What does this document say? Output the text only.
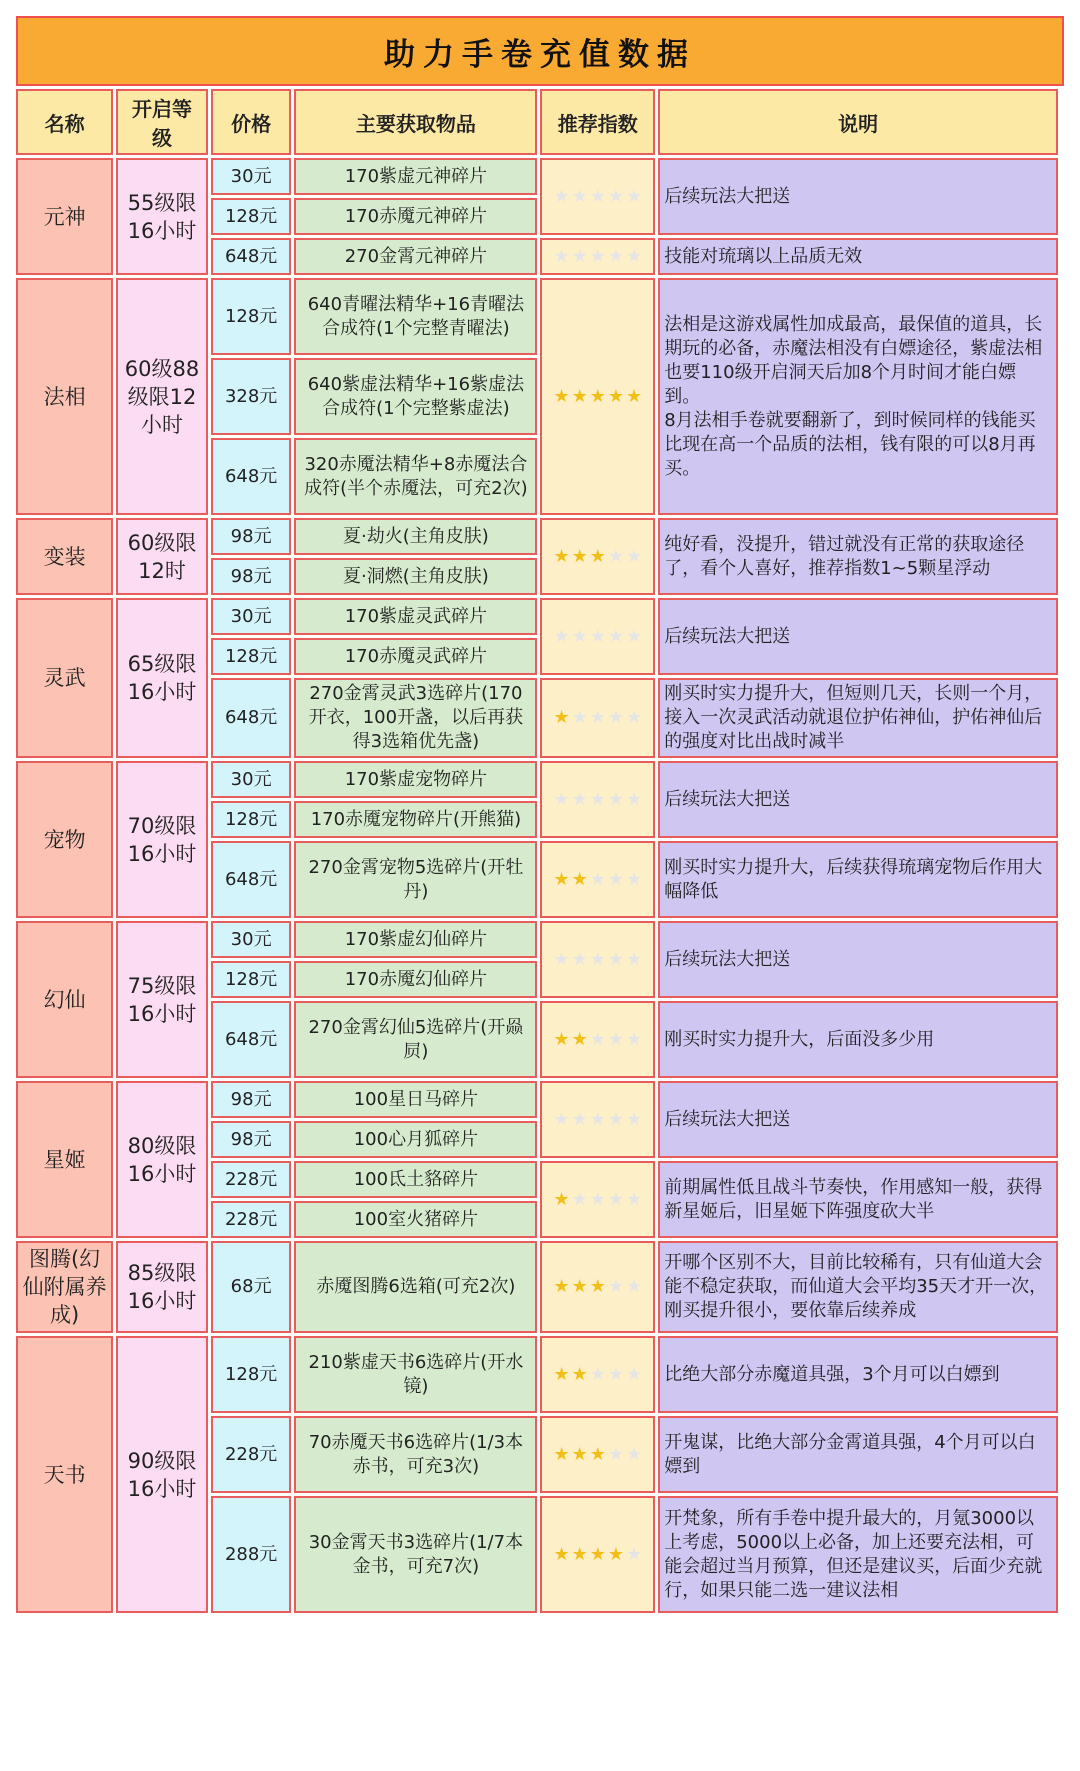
助力手卷充值数据
名称	开启等级	价格	主要获取物品	推荐指数	说明
元神	55级限16小时	30元	170紫虚元神碎片	★ ★ ★ ★ ★	后续玩法大把送
		128元	170赤魇元神碎片		
		648元	270金霄元神碎片	★ ★ ★ ★ ★	技能对琉璃以上品质无效
法相	60级88级限12小时	128元	640青曜法精华+16青曜法合成符(1个完整青曜法)	★ ★ ★ ★ ★	法相是这游戏属性加成最高，最保值的道具，长期玩的必备，赤魔法相没有白嫖途径，紫虚法相也要110级开启洞天后加8个月时间才能白嫖到。
8月法相手卷就要翻新了，到时候同样的钱能买比现在高一个品质的法相，钱有限的可以8月再买。
		328元	640紫虚法精华+16紫虚法合成符(1个完整紫虚法)		
		648元	320赤魇法精华+8赤魇法合成符(半个赤魇法，可充2次)		
变装	60级限12时	98元	夏·劫火(主角皮肤)	★ ★ ★ ★ ★	纯好看，没提升，错过就没有正常的获取途径了，看个人喜好，推荐指数1~5颗星浮动
		98元	夏·洞燃(主角皮肤)		
灵武	65级限16小时	30元	170紫虚灵武碎片	★ ★ ★ ★ ★	后续玩法大把送
		128元	170赤魇灵武碎片		
		648元	270金霄灵武3选碎片(170开衣，100开盏，以后再获得3选箱优先盏)	★ ★ ★ ★ ★	刚买时实力提升大，但短则几天，长则一个月，接入一次灵武活动就退位护佑神仙，护佑神仙后的强度对比出战时减半
宠物	70级限16小时	30元	170紫虚宠物碎片	★ ★ ★ ★ ★	后续玩法大把送
		128元	170赤魇宠物碎片(开熊猫)		
		648元	270金霄宠物5选碎片(开牡丹)	★ ★ ★ ★ ★	刚买时实力提升大，后续获得琉璃宠物后作用大幅降低
幻仙	75级限16小时	30元	170紫虚幻仙碎片	★ ★ ★ ★ ★	后续玩法大把送
		128元	170赤魇幻仙碎片		
		648元	270金霄幻仙5选碎片(开赑屃)	★ ★ ★ ★ ★	刚买时实力提升大，后面没多少用
星姬	80级限16小时	98元	100星日马碎片	★ ★ ★ ★ ★	后续玩法大把送
		98元	100心月狐碎片		
		228元	100氐土貉碎片	★ ★ ★ ★ ★	前期属性低且战斗节奏快，作用感知一般，获得新星姬后，旧星姬下阵强度砍大半
		228元	100室火猪碎片		
图腾(幻仙附属养成)	85级限16小时	68元	赤魇图腾6选箱(可充2次)	★ ★ ★ ★ ★	开哪个区别不大，目前比较稀有，只有仙道大会能不稳定获取，而仙道大会平均35天才开一次，刚买提升很小，要依靠后续养成
天书	90级限16小时	128元	210紫虚天书6选碎片(开水镜)	★ ★ ★ ★ ★	比绝大部分赤魔道具强，3个月可以白嫖到
		228元	70赤魇天书6选碎片(1/3本赤书，可充3次)	★ ★ ★ ★ ★	开鬼谋，比绝大部分金霄道具强，4个月可以白嫖到
		288元	30金霄天书3选碎片(1/7本金书，可充7次)	★ ★ ★ ★ ★	开梵象，所有手卷中提升最大的，月氪3000以上考虑，5000以上必备，加上还要充法相，可能会超过当月预算，但还是建议买，后面少充就行，如果只能二选一建议法相
